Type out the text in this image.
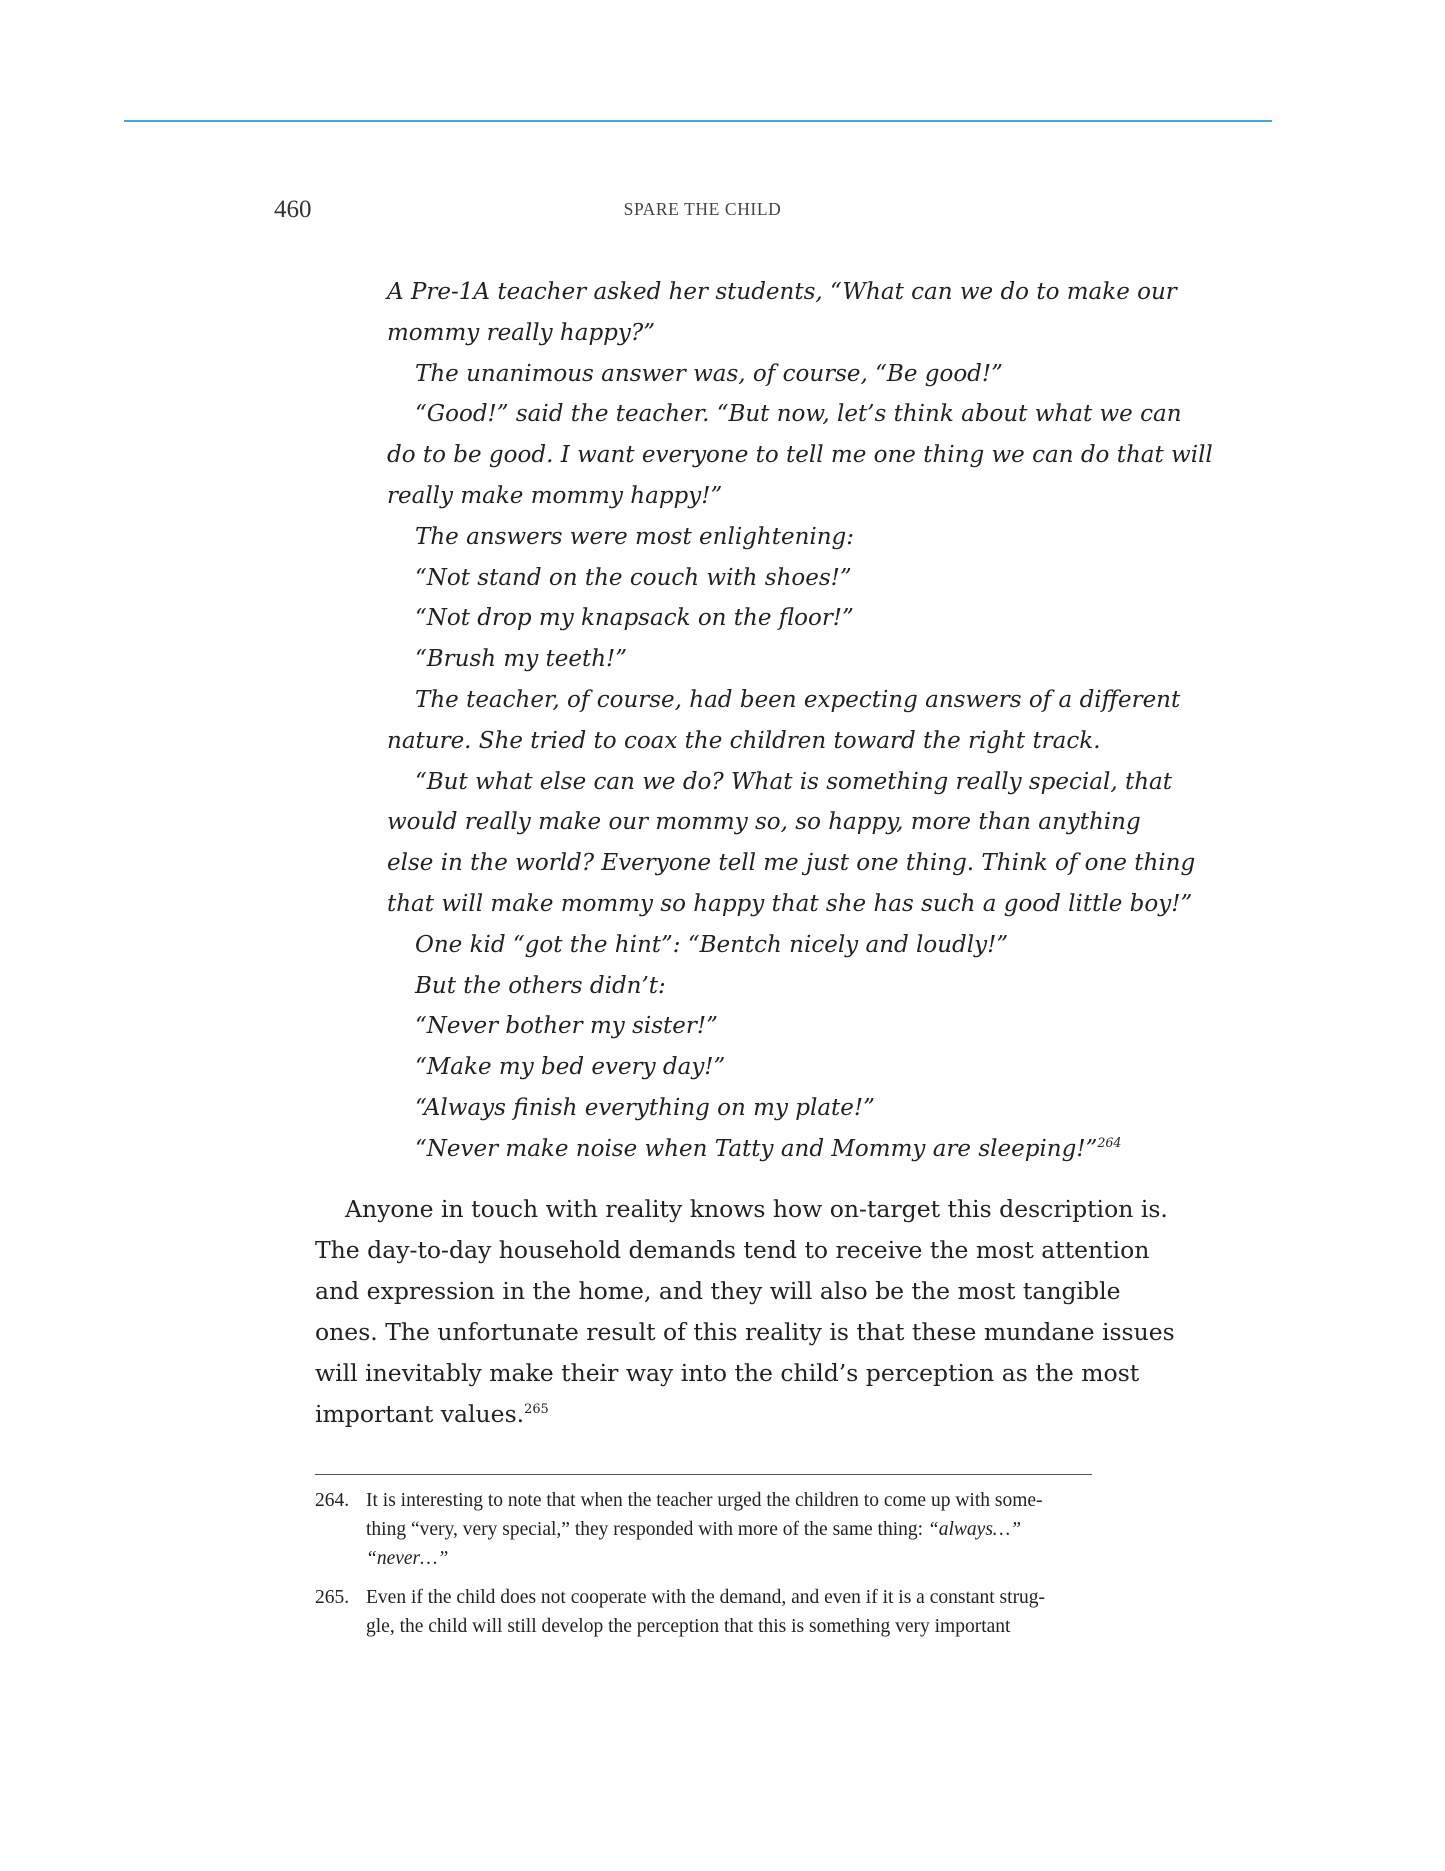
460	SPARE THE CHILD

A Pre-1A teacher asked her students, “What can we do to make our

mommy really happy?”

The unanimous answer was, of course, “Be good!”

“Good!” said the teacher. “But now, let’s think about what we can

do to be good. I want everyone to tell me one thing we can do that will

really make mommy happy!”

The answers were most enlightening:

“Not stand on the couch with shoes!”

“Not drop my knapsack on the floor!”

“Brush my teeth!”

The teacher, of course, had been expecting answers of a different

nature. She tried to coax the children toward the right track.

“But what else can we do? What is something really special, that

would really make our mommy so, so happy, more than anything

else in the world? Everyone tell me just one thing. Think of one thing

that will make mommy so happy that she has such a good little boy!”

One kid “got the hint”: “Bentch nicely and loudly!”

But the others didn’t:

“Never bother my sister!”

“Make my bed every day!”

“Always finish everything on my plate!”

“Never make noise when Tatty and Mommy are sleeping!”$^{264}$

Anyone in touch with reality knows how on-target this description is.
The day-to-day household demands tend to receive the most attention
and expression in the home, and they will also be the most tangible
ones. The unfortunate result of this reality is that these mundane issues
will inevitably make their way into the child’s perception as the most
important values.$^{265}$
264. It is interesting to note that when the teacher urged the children to come up with some-
thing “very, very special,” they responded with more of the same thing: “always…”
“never…”
265. Even if the child does not cooperate with the demand, and even if it is a constant strug-
gle, the child will still develop the perception that this is something very important
